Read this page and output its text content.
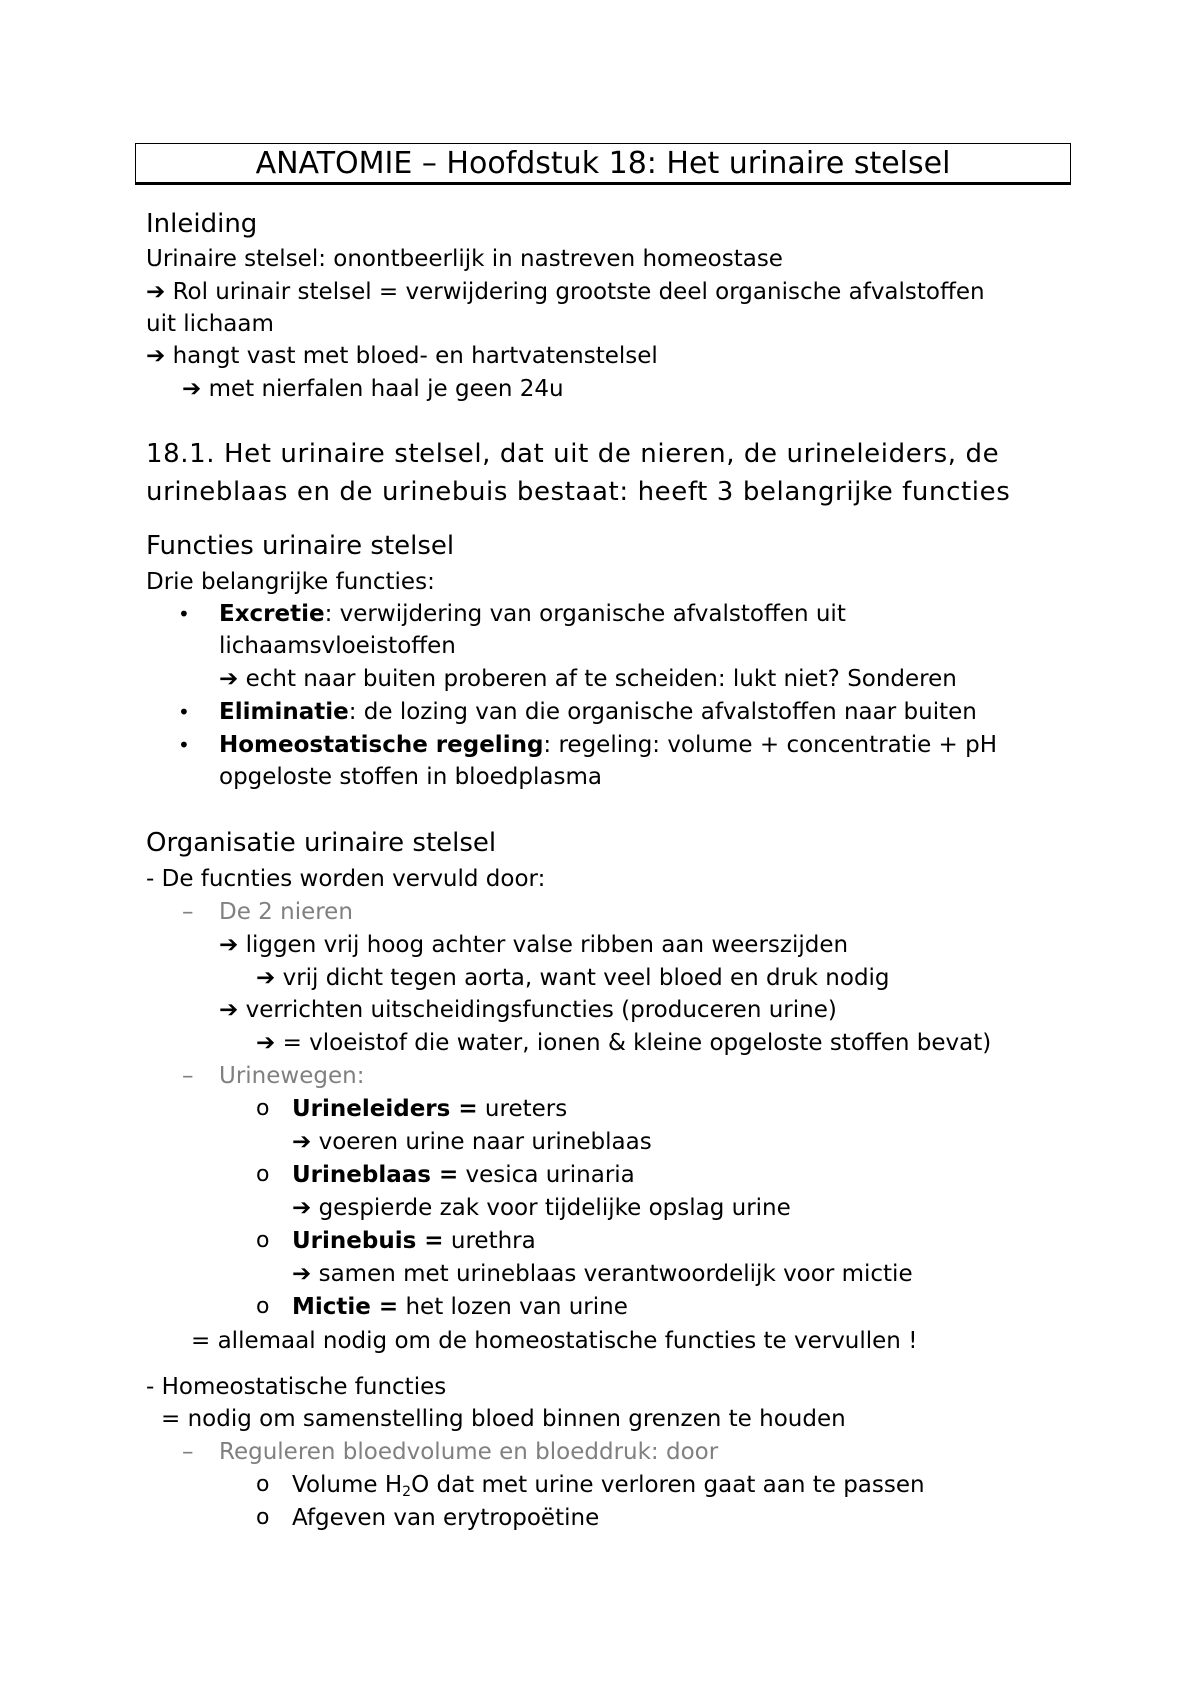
ANATOMIE – Hoofdstuk 18: Het urinaire stelsel
Inleiding
Urinaire stelsel: onontbeerlijk in nastreven homeostase
➔ Rol urinair stelsel = verwijdering grootste deel organische afvalstoffen
uit lichaam
➔ hangt vast met bloed- en hartvatenstelsel
➔ met nierfalen haal je geen 24u
18.1. Het urinaire stelsel, dat uit de nieren, de urineleiders, de
urineblaas en de urinebuis bestaat: heeft 3 belangrijke functies
Functies urinaire stelsel
Drie belangrijke functies:
• Excretie: verwijdering van organische afvalstoffen uit
lichaamsvloeistoffen
➔ echt naar buiten proberen af te scheiden: lukt niet? Sonderen
• Eliminatie: de lozing van die organische afvalstoffen naar buiten
• Homeostatische regeling: regeling: volume + concentratie + pH
opgeloste stoffen in bloedplasma
Organisatie urinaire stelsel
- De fucnties worden vervuld door:
– De 2 nieren
➔ liggen vrij hoog achter valse ribben aan weerszijden
➔ vrij dicht tegen aorta, want veel bloed en druk nodig
➔ verrichten uitscheidingsfuncties (produceren urine)
➔ = vloeistof die water, ionen & kleine opgeloste stoffen bevat)
– Urinewegen:
o Urineleiders = ureters
➔ voeren urine naar urineblaas
o Urineblaas = vesica urinaria
➔ gespierde zak voor tijdelijke opslag urine
o Urinebuis = urethra
➔ samen met urineblaas verantwoordelijk voor mictie
o Mictie = het lozen van urine
= allemaal nodig om de homeostatische functies te vervullen !
- Homeostatische functies
= nodig om samenstelling bloed binnen grenzen te houden
– Reguleren bloedvolume en bloeddruk: door
o Volume $H_2O$ dat met urine verloren gaat aan te passen
o Afgeven van erytropoëtine
